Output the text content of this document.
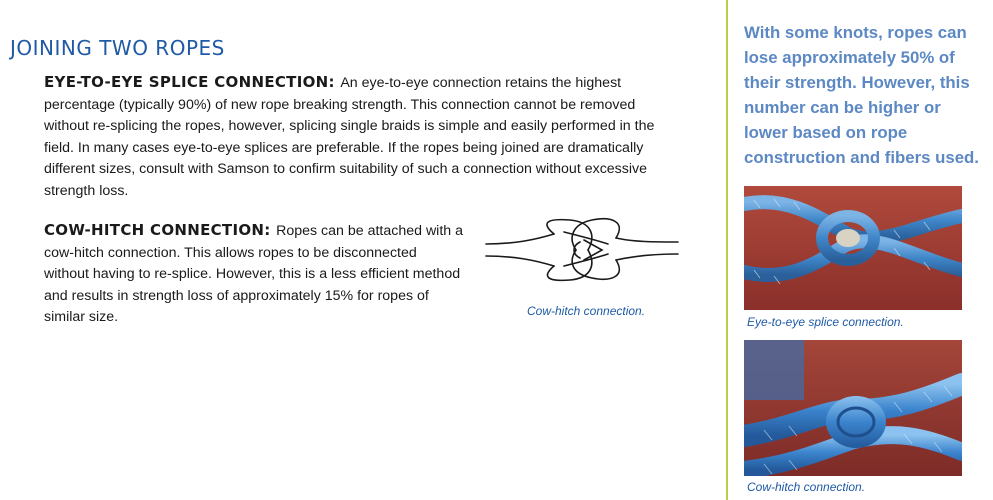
JOINING TWO ROPES
EYE-TO-EYE SPLICE CONNECTION: An eye-to-eye connection retains the highest percentage (typically 90%) of new rope breaking strength. This connection cannot be removed without re-splicing the ropes, however, splicing single braids is simple and easily performed in the field. In many cases eye-to-eye splices are preferable. If the ropes being joined are dramatically different sizes, consult with Samson to confirm suitability of such a connection without excessive strength loss.
COW-HITCH CONNECTION: Ropes can be attached with a cow-hitch connection. This allows ropes to be disconnected without having to re-splice. However, this is a less efficient method and results in strength loss of approximately 15% for ropes of similar size.	Cow-hitch connection.
With some knots, ropes can lose approximately 50% of their strength. However, this number can be higher or lower based on rope construction and fibers used.
Eye-to-eye splice connection.
Cow-hitch connection.
